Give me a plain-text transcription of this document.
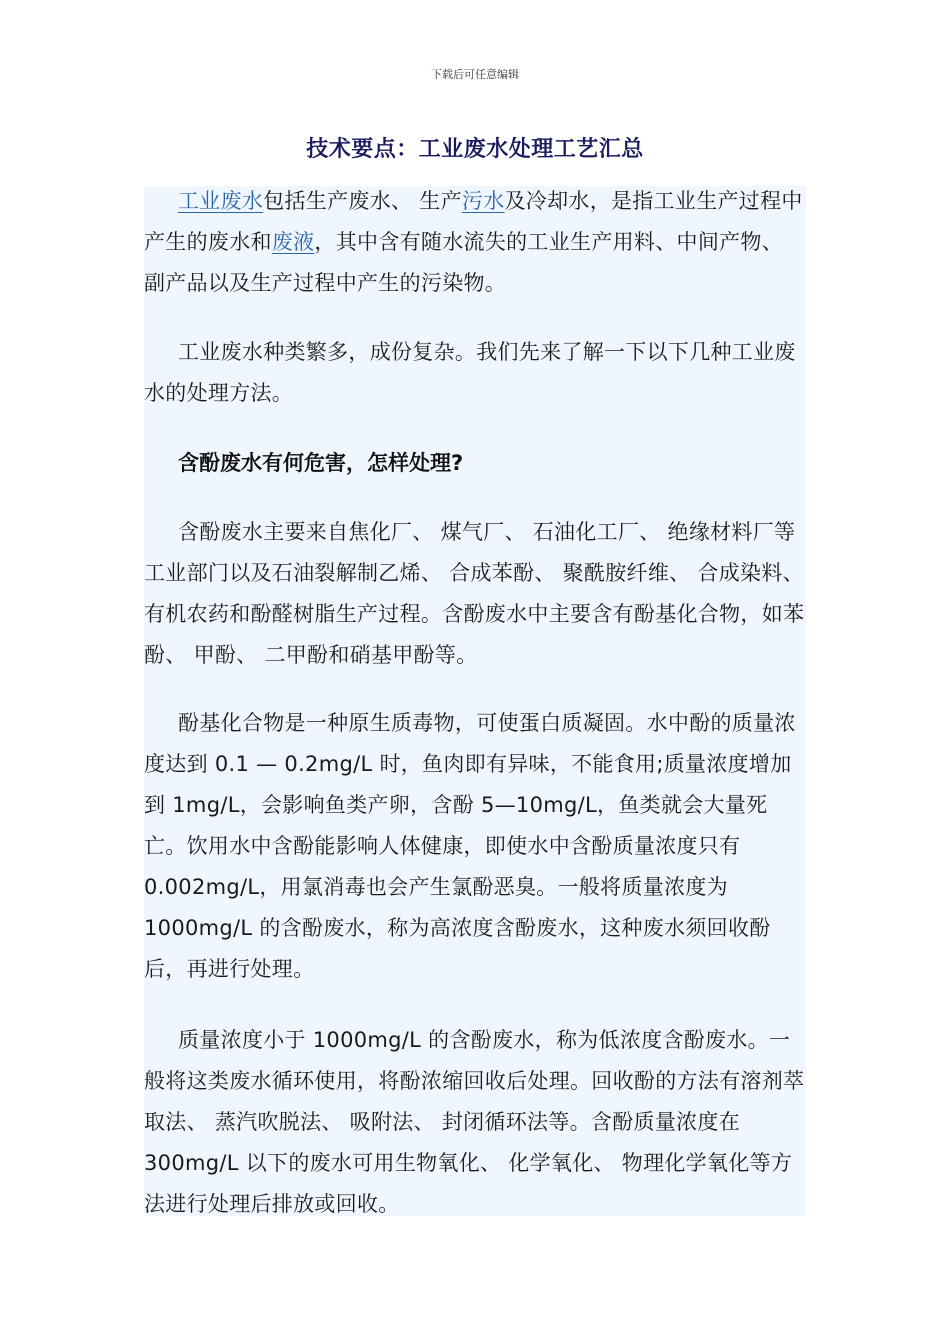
下载后可任意编辑
技术要点：工业废水处理工艺汇总

工业废水包括生产废水、 生产污水及冷却水，是指工业生产过程中产生的废水和废液，其中含有随水流失的工业生产用料、中间产物、 副产品以及生产过程中产生的污染物。

工业废水种类繁多，成份复杂。我们先来了解一下以下几种工业废水的处理方法。

含酚废水有何危害，怎样处理?

含酚废水主要来自焦化厂、 煤气厂、 石油化工厂、 绝缘材料厂等工业部门以及石油裂解制乙烯、 合成苯酚、 聚酰胺纤维、 合成染料、 有机农药和酚醛树脂生产过程。含酚废水中主要含有酚基化合物，如苯酚、 甲酚、 二甲酚和硝基甲酚等。

酚基化合物是一种原生质毒物，可使蛋白质凝固。水中酚的质量浓度达到 0.1 — 0.2mg/L 时，鱼肉即有异味，不能食用;质量浓度增加到 1mg/L，会影响鱼类产卵，含酚 5—10mg/L，鱼类就会大量死亡。饮用水中含酚能影响人体健康，即使水中含酚质量浓度只有 0.002mg/L，用氯消毒也会产生氯酚恶臭。一般将质量浓度为 1000mg/L 的含酚废水，称为高浓度含酚废水，这种废水须回收酚后，再进行处理。

质量浓度小于 1000mg/L 的含酚废水，称为低浓度含酚废水。一般将这类废水循环使用，将酚浓缩回收后处理。回收酚的方法有溶剂萃取法、 蒸汽吹脱法、 吸附法、 封闭循环法等。含酚质量浓度在 300mg/L 以下的废水可用生物氧化、 化学氧化、 物理化学氧化等方法进行处理后排放或回收。
